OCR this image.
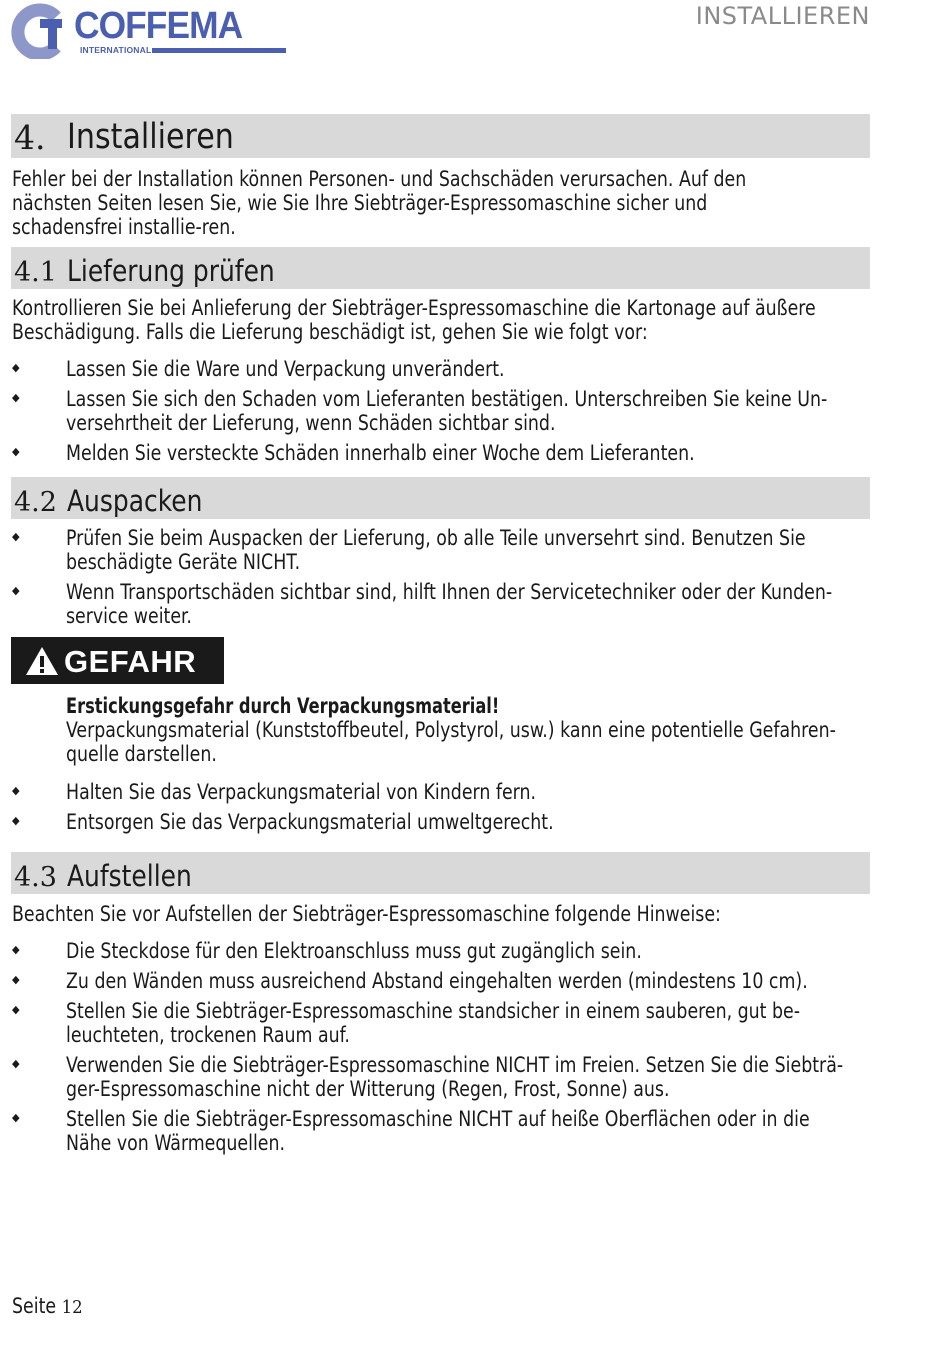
COFFEMA
INTERNATIONAL
INSTALLIEREN
4. Installieren
Fehler bei der Installation können Personen- und Sachschäden verursachen. Auf den nächsten Seiten lesen Sie, wie Sie Ihre Siebträger-Espressomaschine sicher und schadensfrei installie-ren.
4.1 Lieferung prüfen
Kontrollieren Sie bei Anlieferung der Siebträger-Espressomaschine die Kartonage auf äußere Beschädigung. Falls die Lieferung beschädigt ist, gehen Sie wie folgt vor:
◆ Lassen Sie die Ware und Verpackung unverändert.
◆ Lassen Sie sich den Schaden vom Lieferanten bestätigen. Unterschreiben Sie keine Un-versehrtheit der Lieferung, wenn Schäden sichtbar sind.
◆ Melden Sie versteckte Schäden innerhalb einer Woche dem Lieferanten.
4.2 Auspacken
◆ Prüfen Sie beim Auspacken der Lieferung, ob alle Teile unversehrt sind. Benutzen Sie beschädigte Geräte NICHT.
◆ Wenn Transportschäden sichtbar sind, hilft Ihnen der Servicetechniker oder der Kunden-service weiter.
GEFAHR
Erstickungsgefahr durch Verpackungsmaterial!
Verpackungsmaterial (Kunststoffbeutel, Polystyrol, usw.) kann eine potentielle Gefahren-quelle darstellen.
◆ Halten Sie das Verpackungsmaterial von Kindern fern.
◆ Entsorgen Sie das Verpackungsmaterial umweltgerecht.
4.3 Aufstellen
Beachten Sie vor Aufstellen der Siebträger-Espressomaschine folgende Hinweise:
◆ Die Steckdose für den Elektroanschluss muss gut zugänglich sein.
◆ Zu den Wänden muss ausreichend Abstand eingehalten werden (mindestens 10 cm).
◆ Stellen Sie die Siebträger-Espressomaschine standsicher in einem sauberen, gut be-leuchteten, trockenen Raum auf.
◆ Verwenden Sie die Siebträger-Espressomaschine NICHT im Freien. Setzen Sie die Siebträ-ger-Espressomaschine nicht der Witterung (Regen, Frost, Sonne) aus.
◆ Stellen Sie die Siebträger-Espressomaschine NICHT auf heiße Oberflächen oder in die Nähe von Wärmequellen.
Seite 12
